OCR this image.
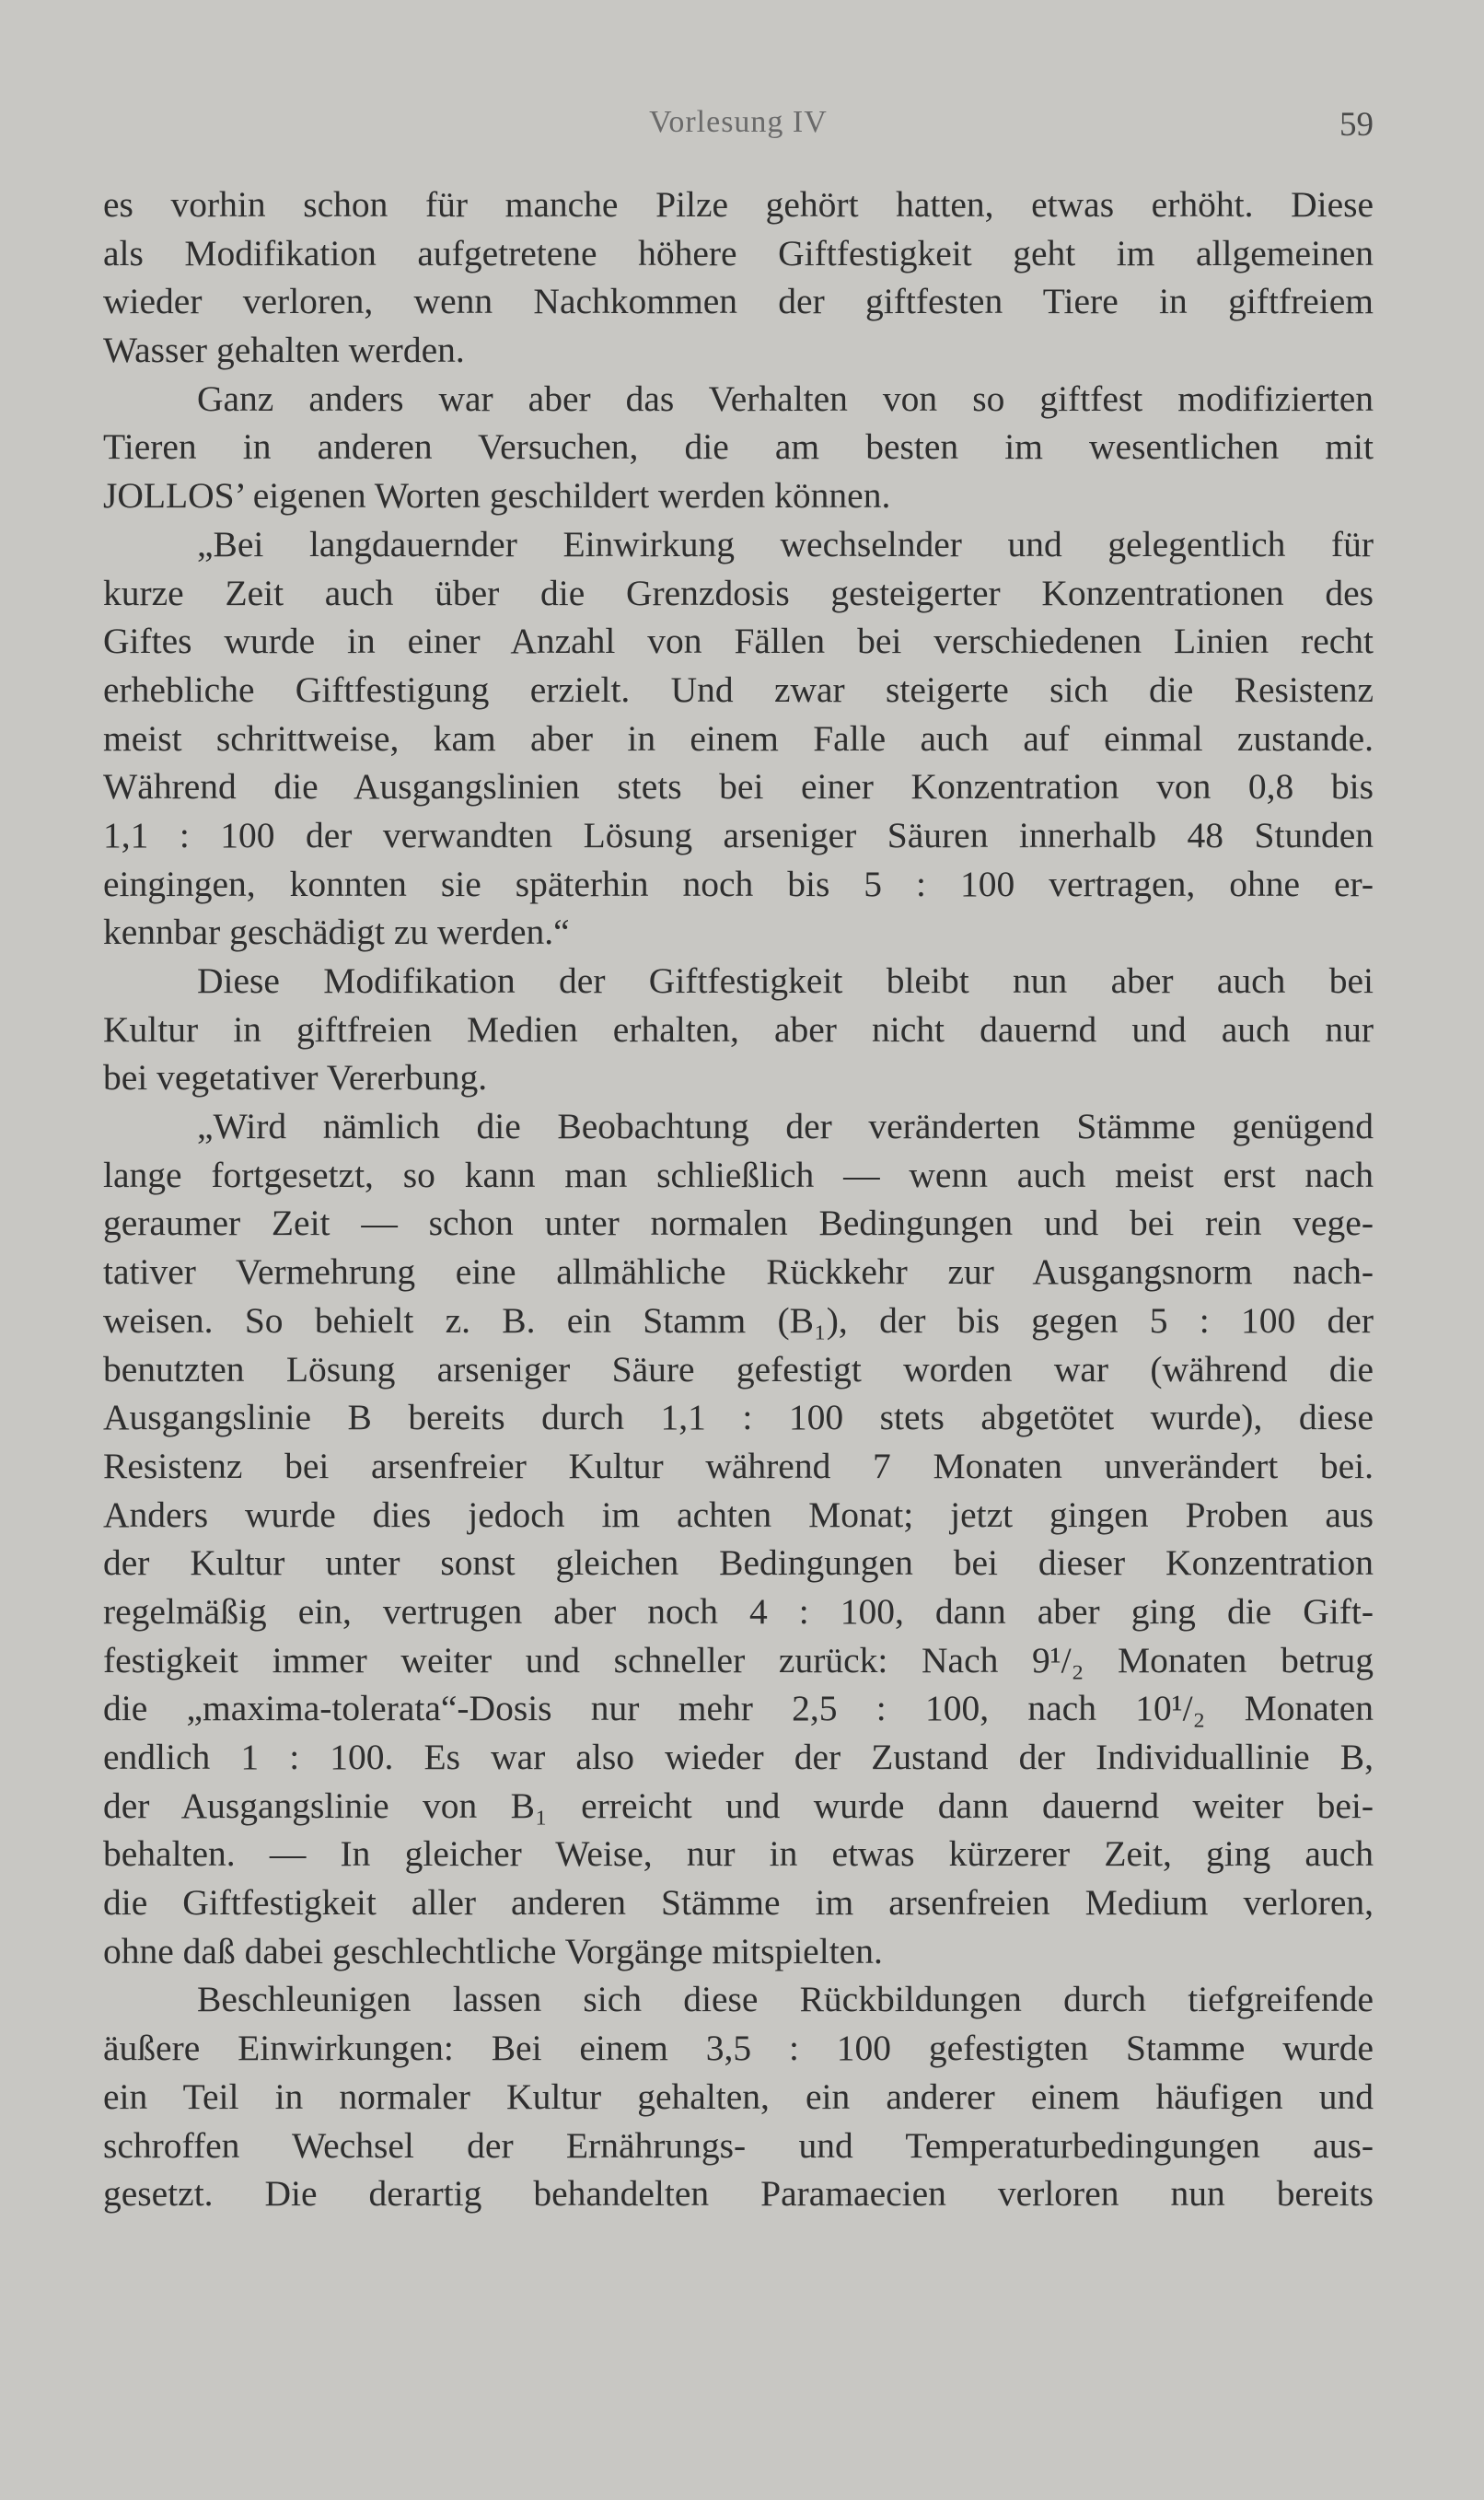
Vorlesung IV	59
es vorhin schon für manche Pilze gehört hatten, etwas erhöht. Diese
als Modifikation aufgetretene höhere Giftfestigkeit geht im allgemeinen
wieder verloren, wenn Nachkommen der giftfesten Tiere in giftfreiem
Wasser gehalten werden.
Ganz anders war aber das Verhalten von so giftfest modifizierten
Tieren in anderen Versuchen, die am besten im wesentlichen mit
JOLLOS’ eigenen Worten geschildert werden können.
„Bei langdauernder Einwirkung wechselnder und gelegentlich für
kurze Zeit auch über die Grenzdosis gesteigerter Konzentrationen des
Giftes wurde in einer Anzahl von Fällen bei verschiedenen Linien recht
erhebliche Giftfestigung erzielt. Und zwar steigerte sich die Resistenz
meist schrittweise, kam aber in einem Falle auch auf einmal zustande.
Während die Ausgangslinien stets bei einer Konzentration von 0,8 bis
1,1 : 100 der verwandten Lösung arseniger Säuren innerhalb 48 Stunden
eingingen, konnten sie späterhin noch bis 5 : 100 vertragen, ohne er-
kennbar geschädigt zu werden.“
Diese Modifikation der Giftfestigkeit bleibt nun aber auch bei
Kultur in giftfreien Medien erhalten, aber nicht dauernd und auch nur
bei vegetativer Vererbung.
„Wird nämlich die Beobachtung der veränderten Stämme genügend
lange fortgesetzt, so kann man schließlich — wenn auch meist erst nach
geraumer Zeit — schon unter normalen Bedingungen und bei rein vege-
tativer Vermehrung eine allmähliche Rückkehr zur Ausgangsnorm nach-
weisen. So behielt z. B. ein Stamm (B₁), der bis gegen 5 : 100 der
benutzten Lösung arseniger Säure gefestigt worden war (während die
Ausgangslinie B bereits durch 1,1 : 100 stets abgetötet wurde), diese
Resistenz bei arsenfreier Kultur während 7 Monaten unverändert bei.
Anders wurde dies jedoch im achten Monat; jetzt gingen Proben aus
der Kultur unter sonst gleichen Bedingungen bei dieser Konzentration
regelmäßig ein, vertrugen aber noch 4 : 100, dann aber ging die Gift-
festigkeit immer weiter und schneller zurück: Nach 9¹/₂ Monaten betrug
die „maxima-tolerata“-Dosis nur mehr 2,5 : 100, nach 10¹/₂ Monaten
endlich 1 : 100. Es war also wieder der Zustand der Individuallinie B,
der Ausgangslinie von B₁ erreicht und wurde dann dauernd weiter bei-
behalten. — In gleicher Weise, nur in etwas kürzerer Zeit, ging auch
die Giftfestigkeit aller anderen Stämme im arsenfreien Medium verloren,
ohne daß dabei geschlechtliche Vorgänge mitspielten.
Beschleunigen lassen sich diese Rückbildungen durch tiefgreifende
äußere Einwirkungen: Bei einem 3,5 : 100 gefestigten Stamme wurde
ein Teil in normaler Kultur gehalten, ein anderer einem häufigen und
schroffen Wechsel der Ernährungs- und Temperaturbedingungen aus-
gesetzt. Die derartig behandelten Paramaecien verloren nun bereits
